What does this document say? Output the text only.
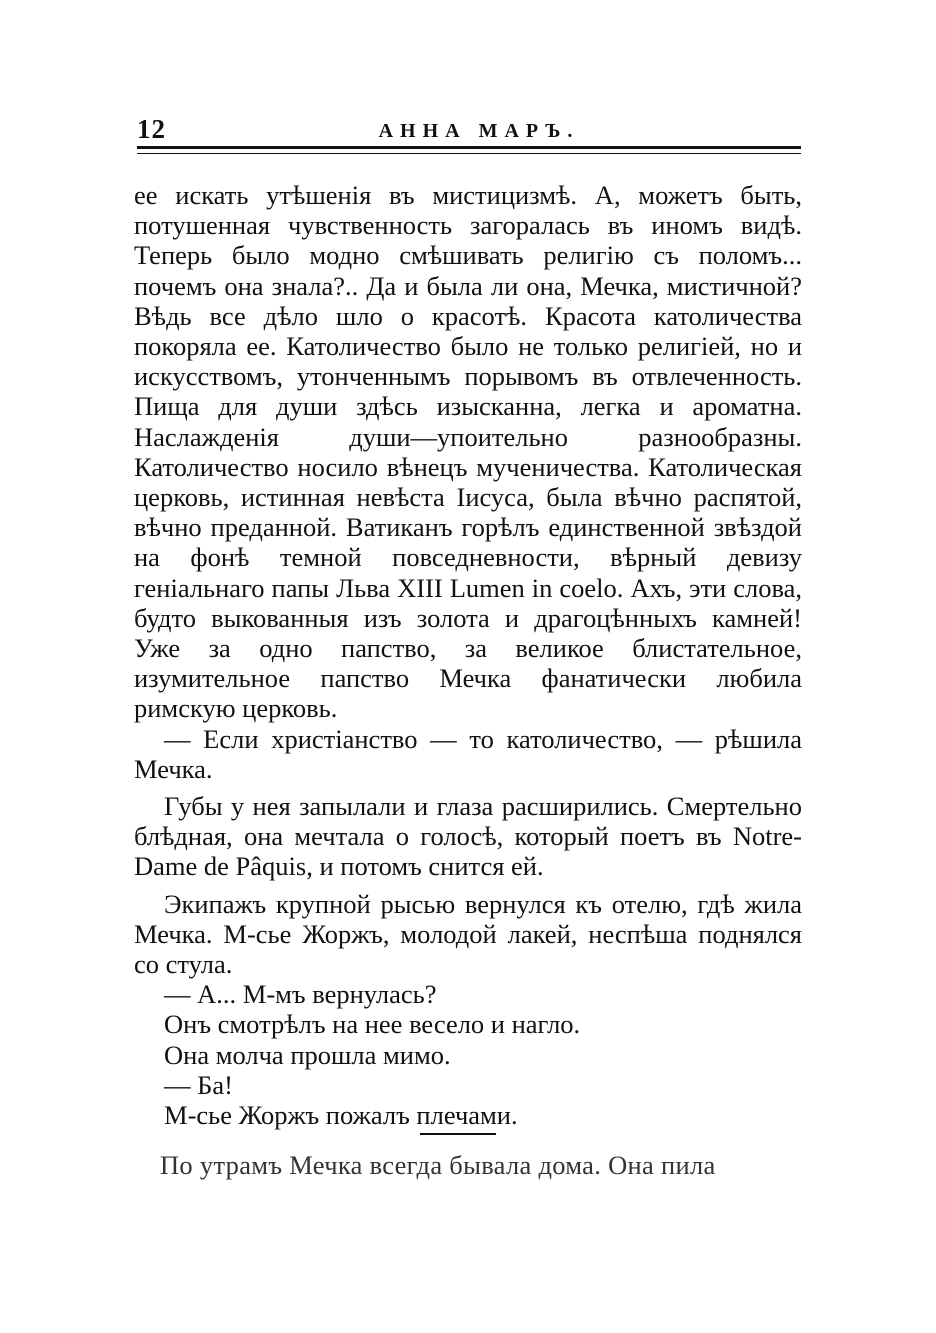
12	АННА МАРЪ.

ее искать утѣшенія въ мистицизмѣ. А, можетъ быть, потушенная чувственность загоралась въ иномъ видѣ. Теперь было модно смѣшивать религію съ поломъ... почемъ она знала?.. Да и была ли она, Мечка, мистичной? Вѣдь все дѣло шло о красотѣ. Красота католичества покоряла ее. Католичество было не только религіей, но и искусствомъ, утонченнымъ порывомъ въ отвлеченность. Пища для души здѣсь изысканна, легка и ароматна. Наслажденія души—упоительно разнообразны. Католичество носило вѣнецъ мученичества. Католическая церковь, истинная невѣста Іисуса, была вѣчно распятой, вѣчно преданной. Ватиканъ горѣлъ единственной звѣздой на фонѣ темной повседневности, вѣрный девизу геніальнаго папы Льва XIII Lumen in coelo. Ахъ, эти слова, будто выкованныя изъ золота и драгоцѣнныхъ камней! Уже за одно папство, за великое блистательное, изумительное папство Мечка фанатически любила римскую церковь.

— Если христіанство — то католичество, — рѣшила Мечка.

Губы у нея запылали и глаза расширились. Смертельно блѣдная, она мечтала о голосѣ, который поетъ въ Notre-Dame de Pâquis, и потомъ снится ей.

Экипажъ крупной рысью вернулся къ отелю, гдѣ жила Мечка. М-сье Жоржъ, молодой лакей, неспѣша поднялся со стула.

— А... М-мъ вернулась?

Онъ смотрѣлъ на нее весело и нагло.

Она молча прошла мимо.

— Ба!

М-сье Жоржъ пожалъ плечами.

По утрамъ Мечка всегда бывала дома. Она пила
